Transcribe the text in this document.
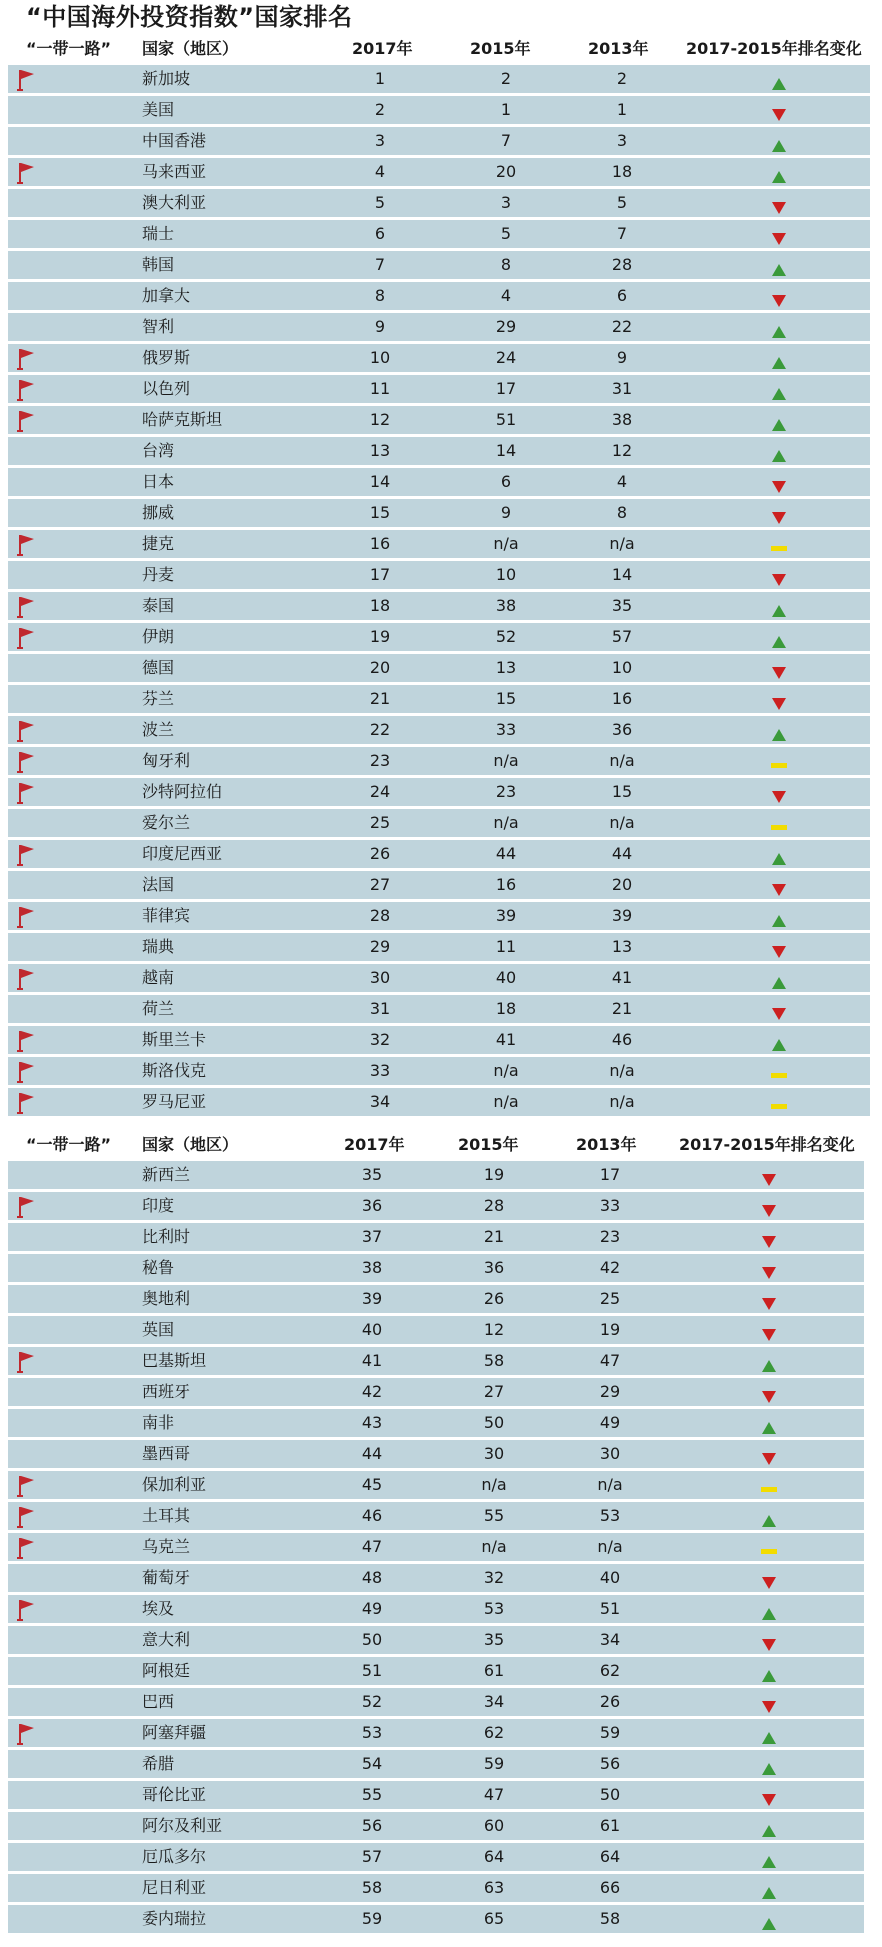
“中国海外投资指数”国家排名
“一带一路” 国家（地区）	2017年	2015年	2013年 2017-2015年排名变化
新加坡	1	2	2
美国	2	1	1
中国香港	3	7	3
马来西亚	4	20	18
澳大利亚	5	3	5
瑞士	6	5	7
韩国	7	8	28
加拿大	8	4	6
智利	9	29	22
俄罗斯	10	24	9
以色列	11	17	31
哈萨克斯坦	12	51	38
台湾	13	14	12
日本	14	6	4
挪威	15	9	8
捷克	16	n/a	n/a
丹麦	17	10	14
泰国	18	38	35
伊朗	19	52	57
德国	20	13	10
芬兰	21	15	16
波兰	22	33	36
匈牙利	23	n/a	n/a
沙特阿拉伯	24	23	15
爱尔兰	25	n/a	n/a
印度尼西亚	26	44	44
法国	27	16	20
菲律宾	28	39	39
瑞典	29	11	13
越南	30	40	41
荷兰	31	18	21
斯里兰卡	32	41	46
斯洛伐克	33	n/a	n/a
罗马尼亚	34	n/a	n/a
“一带一路” 国家（地区）	2017年	2015年	2013年	2017-2015年排名变化
新西兰	35	19	17
印度	36	28	33
比利时	37	21	23
秘鲁	38	36	42
奥地利	39	26	25
英国	40	12	19
巴基斯坦	41	58	47
西班牙	42	27	29
南非	43	50	49
墨西哥	44	30	30
保加利亚	45	n/a	n/a
土耳其	46	55	53
乌克兰	47	n/a	n/a
葡萄牙	48	32	40
埃及	49	53	51
意大利	50	35	34
阿根廷	51	61	62
巴西	52	34	26
阿塞拜疆	53	62	59
希腊	54	59	56
哥伦比亚	55	47	50
阿尔及利亚	56	60	61
厄瓜多尔	57	64	64
尼日利亚	58	63	66
委内瑞拉	59	65	58
